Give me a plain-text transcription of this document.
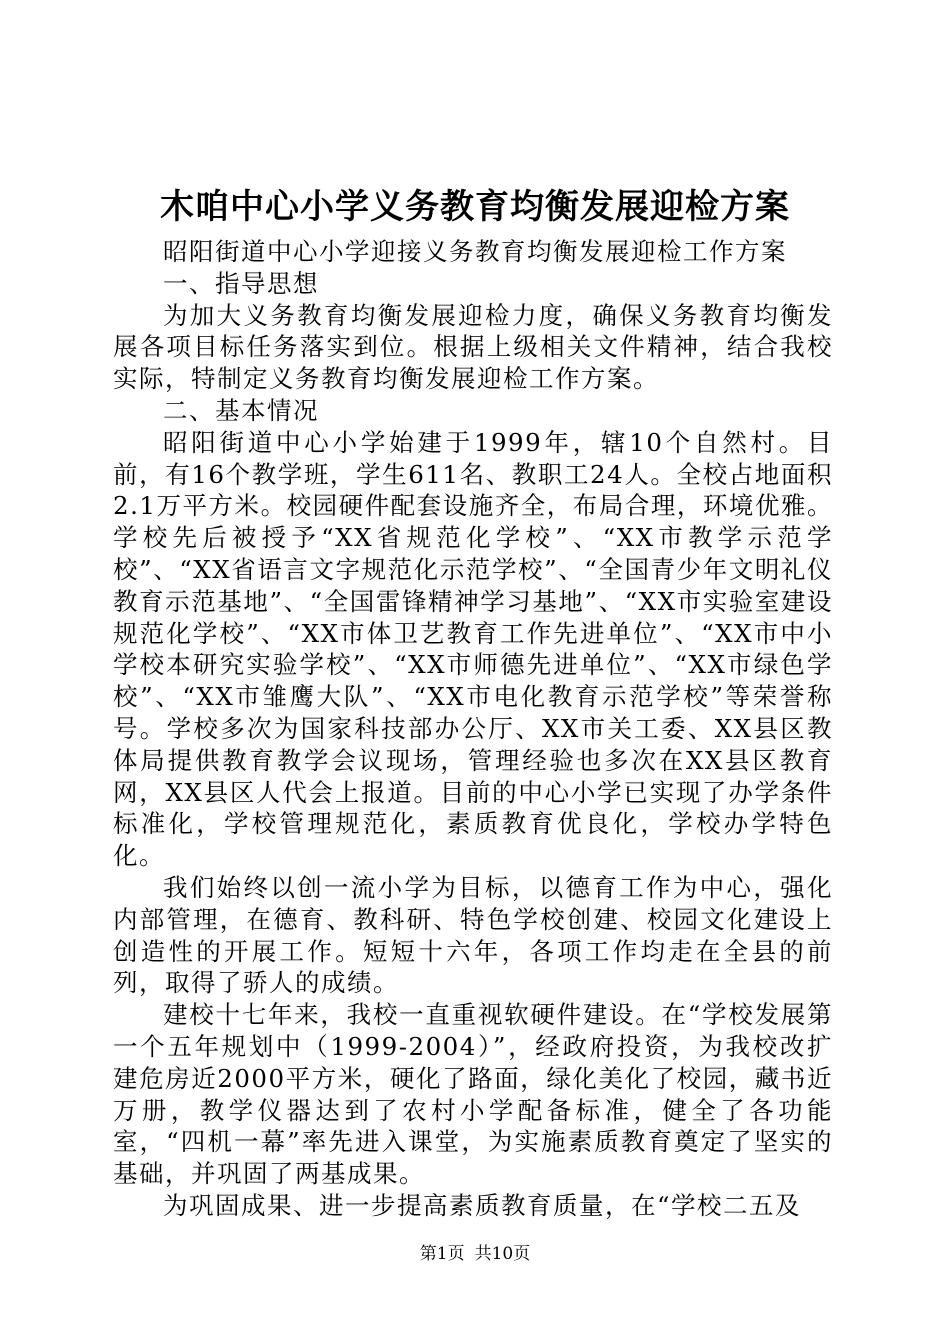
木咱中心小学义务教育均衡发展迎检方案

昭阳街道中心小学迎接义务教育均衡发展迎检工作方案

一、指导思想

为加大义务教育均衡发展迎检力度，确保义务教育均衡发展各项目标任务落实到位。根据上级相关文件精神，结合我校实际，特制定义务教育均衡发展迎检工作方案。

二、基本情况

昭阳街道中心小学始建于1999年，辖10个自然村。目前，有16个教学班，学生611名、教职工24人。全校占地面积2.1万平方米。校园硬件配套设施齐全，布局合理，环境优雅。学校先后被授予“XX省规范化学校”、“XX市教学示范学校”、“XX省语言文字规范化示范学校”、“全国青少年文明礼仪教育示范基地”、“全国雷锋精神学习基地”、“XX市实验室建设规范化学校”、“XX市体卫艺教育工作先进单位”、“XX市中小学校本研究实验学校”、“XX市师德先进单位”、“XX市绿色学校”、“XX市雏鹰大队”、“XX市电化教育示范学校”等荣誉称号。学校多次为国家科技部办公厅、XX市关工委、XX县区教体局提供教育教学会议现场，管理经验也多次在XX县区教育网，XX县区人代会上报道。目前的中心小学已实现了办学条件标准化，学校管理规范化，素质教育优良化，学校办学特色化。

我们始终以创一流小学为目标，以德育工作为中心，强化内部管理，在德育、教科研、特色学校创建、校园文化建设上创造性的开展工作。短短十六年，各项工作均走在全县的前列，取得了骄人的成绩。

建校十七年来，我校一直重视软硬件建设。在“学校发展第一个五年规划中（1999-2004）”，经政府投资，为我校改扩建危房近2000平方米，硬化了路面，绿化美化了校园，藏书近万册，教学仪器达到了农村小学配备标准，健全了各功能室，“四机一幕”率先进入课堂，为实施素质教育奠定了坚实的基础，并巩固了两基成果。

为巩固成果、进一步提高素质教育质量，在“学校二五及

第1页 共10页
